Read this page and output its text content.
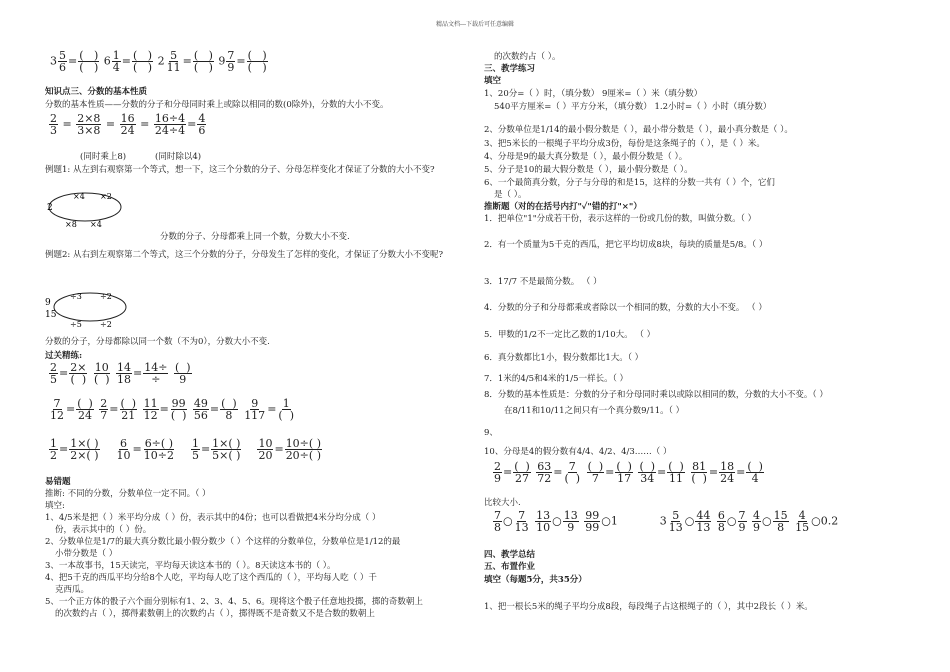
精品文档---下载后可任意编辑
$3 \frac{5}{6} = \frac{( )}{( )} 6 \frac{1}{4} = \frac{( )}{( )} 2 \frac{5}{11} = \frac{( )}{( )} 9 \frac{7}{9} = \frac{( )}{( )}$
知识点三、分数的基本性质
分数的基本性质——分数的分子和分母同时乘上或除以相同的数(0除外)，分数的大小不变。
$\frac{2}{3} = \frac{2\times 8}{3\times 8} = \frac{16}{24} = \frac{16\div 4}{24\div 4} = \frac{4}{6}$
(同时乘上8)	(同时除以4)
例题1: 从左到右观察第一个等式，想一下，这三个分数的分子、分母怎样变化才保证了分数的大小不变?
2
×4 ×2
×8 ×4
分数的分子、分母都乘上同一个数，分数大小不变.
例题2: 从右到左观察第二个等式，这三个分数的分子，分母发生了怎样的变化，才保证了分数大小不变呢?
9
15
÷3 ÷2
÷5 ÷2
分数的分子，分母都除以同一个数（不为0），分数大小不变.
过关精练:
$\frac{2}{5} = \frac{2\times}{( )}$
$\frac{10}{( )}$
$\frac{14}{18} = \frac{14\div}{\div}$
$\frac{( )}{9}$
$\frac{7}{12} = \frac{( )}{24}$
$\frac{2}{7} = \frac{( )}{21}$
$\frac{11}{12} = \frac{99}{( )}$
$\frac{49}{56} = \frac{( )}{8}$
$\frac{9}{117} = \frac{1}{( )}$
$\frac{1}{2} = \frac{1\times( )}{2\times( )}$
$\frac{6}{10} = \frac{6\div( )}{10\div 2}$
$\frac{1}{5} = \frac{1\times( )}{5\times( )}$
$\frac{10}{20} = \frac{10\div( )}{20\div( )}$
易错题
推断: 不同的分数，分数单位一定不同。（ ）
填空:
1、4/5米是把（ ）米平均分成（ ）份，表示其中的4份；也可以看做把4米分均分成（ ）
份，表示其中的（ ）份。
2、分数单位是1/7的最大真分数比最小假分数少（ ）个这样的分数单位，分数单位是1/12的最
小带分数是（ ）
3、一本故事书，15天读完，平均每天读这本书的（ ）。8天读这本书的（ ）。
4、把5千克的西瓜平均分给8个人吃，平均每人吃了这个西瓜的（ ），平均每人吃（ ）千
克西瓜。
5、一个正方体的骰子六个面分别标有1、2、3、4、5、6。现将这个骰子任意地投掷，掷的奇数朝上
的次数约占（ ），掷得素数朝上的次数约占（ ），掷得既不是奇数又不是合数的数朝上
的次数约占（ ）。
三、教学练习
填空
1、20分=（ ）时，（填分数） 9厘米=（ ）米（填分数）
540平方厘米=（ ）平方分米，（填分数） 1.2小时=（ ）小时（填分数）
2、分数单位是1/14的最小假分数是（ ），最小带分数是（ ），最小真分数是（ ）。
3、把5米长的一根绳子平均分成3份，每份是这条绳子的（ ），是（ ）米。
4、分母是9的最大真分数是（ ），最小假分数是（ ）。
5、分子是10的最大假分数是（ ），最小假分数是（ ）。
6、一个最简真分数，分子与分母的和是15，这样的分数一共有（ ）个，它们
是（ ）。
推断题（对的在括号内打"✓"错的打"×"）
1．把单位"1"分成若干份，表示这样的一份或几份的数，叫做分数。（ ）
2．有一个质量为5千克的西瓜，把它平均切成8块，每块的质量是5/8。（ ）
3．17/7 不是最简分数。 （ ）
4．分数的分子和分母都乘或者除以一个相同的数，分数的大小不变。 （ ）
5．甲数的1/2不一定比乙数的1/10大。 （ ）
6．真分数都比1小，假分数都比1大。（ ）
7．1米的4/5和4米的1/5一样长。（ ）
8．分数的基本性质是：分数的分子和分母同时乘以或除以相同的数，分数的大小不变。（ ）
在8/11和10/11之间只有一个真分数9/11。（ ）
9、
10、分母是4的假分数有4/4、4/2、4/3……（ ）
$\frac{2}{9} = \frac{( )}{27}$
$\frac{63}{72} = \frac{7}{( )}$
$\frac{( )}{7} = \frac{( )}{17}$
$\frac{( )}{34} = \frac{( )}{11}$
$\frac{81}{( )} = \frac{18}{24} = \frac{( )}{4}$
比较大小.
$\frac{7}{8}$ ○ $\frac{7}{13}$
$\frac{13}{10}$ ○ $\frac{13}{9}$
$\frac{99}{99}$ ○1            $3 \frac{5}{13}$ ○ $\frac{44}{13}$
$\frac{6}{8}$ ○ $\frac{7}{9}$
$\frac{4}{9}$ ○ $\frac{15}{8}$
$\frac{4}{15}$ ○0.2
四、教学总结
五、布置作业
填空（每题5分，共35分）
1、把一根长5米的绳子平均分成8段，每段绳子占这根绳子的（ ），其中2段长（ ）米。
